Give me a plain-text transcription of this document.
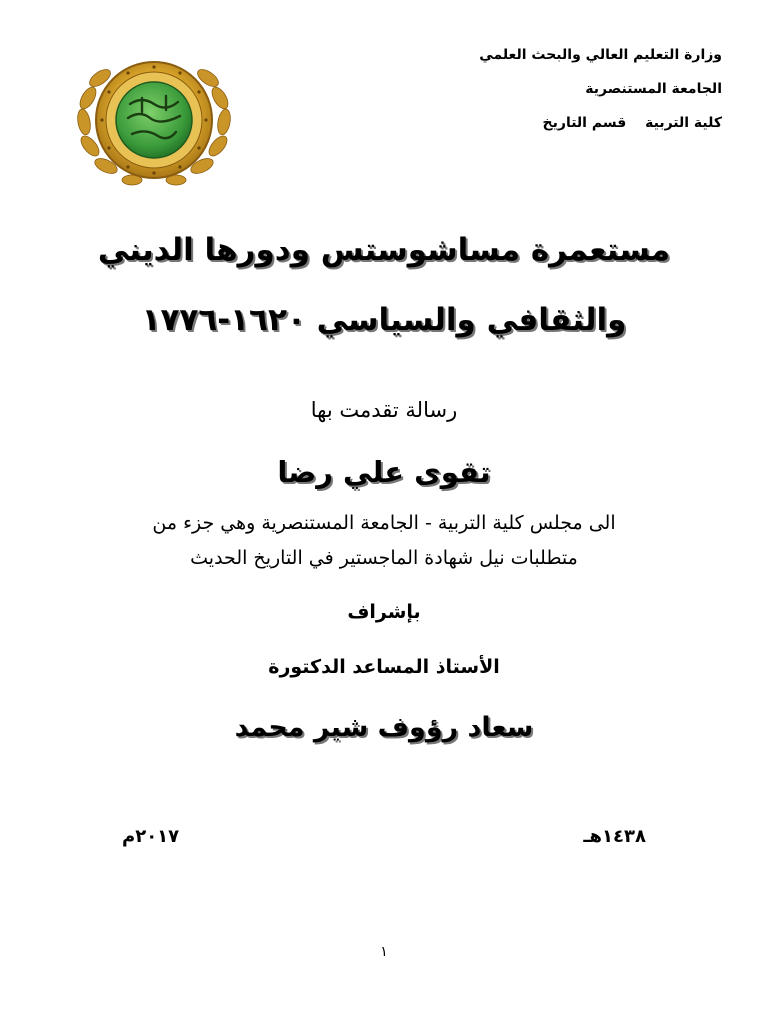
وزارة التعليم العالي والبحث العلمي
الجامعة المستنصرية
كلية التربية قسم التاريخ
مستعمرة مساشوستس ودورها الديني
والثقافي والسياسي ١٦٢٠-١٧٧٦
رسالة تقدمت بها
تقوى علي رضا
الى مجلس كلية التربية - الجامعة المستنصرية وهي جزء من
متطلبات نيل شهادة الماجستير في التاريخ الحديث
بإشراف
الأستاذ المساعد الدكتورة
سعاد رؤوف شير محمد
١٤٣٨هـ
٢٠١٧م
١
